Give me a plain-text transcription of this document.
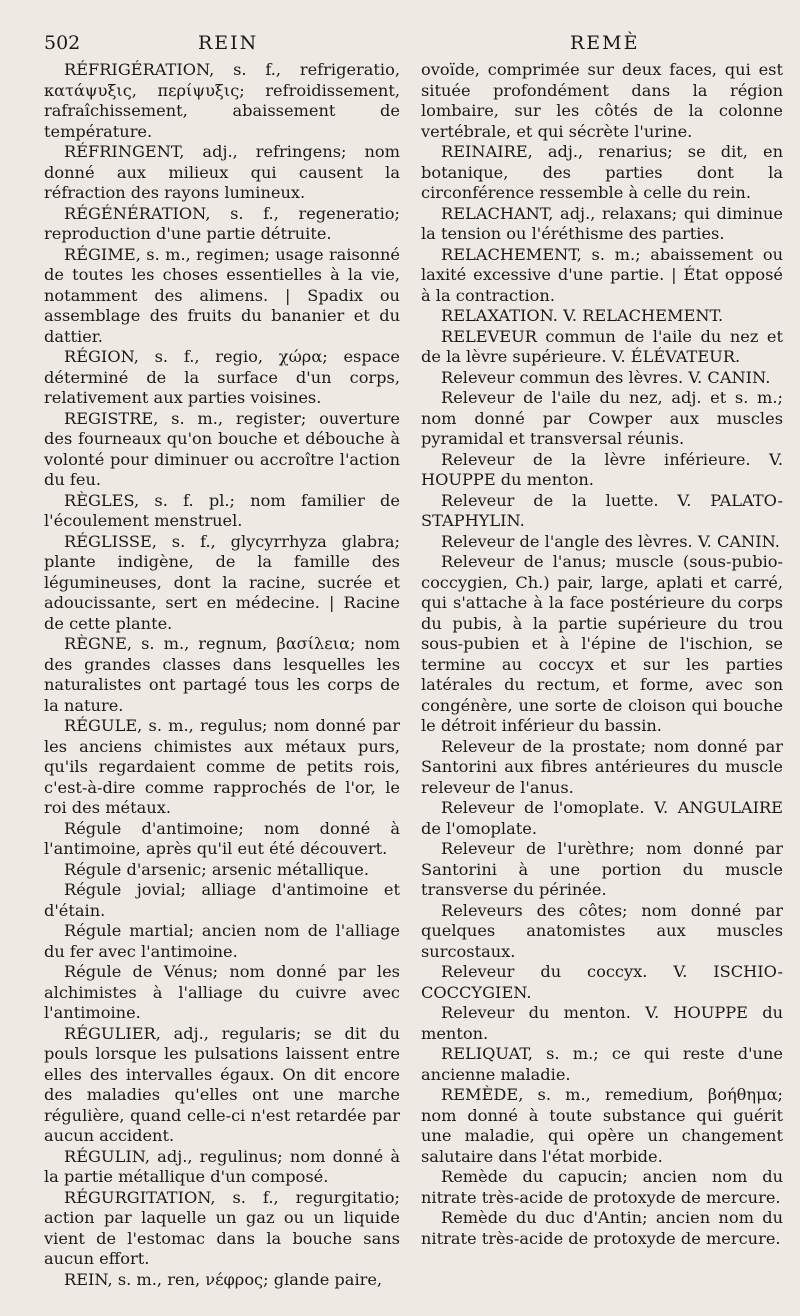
502	REIN	REMÈ

RÉFRIGÉRATION, s. f., refrigeratio, κατάψυξις, περίψυξις; refroidissement, rafraîchissement, abaissement de température.

RÉFRINGENT, adj., refringens; nom donné aux milieux qui causent la réfraction des rayons lumineux.

RÉGÉNÉRATION, s. f., regeneratio; reproduction d'une partie détruite.

RÉGIME, s. m., regimen; usage raisonné de toutes les choses essentielles à la vie, notamment des alimens. | Spadix ou assemblage des fruits du bananier et du dattier.

RÉGION, s. f., regio, χώρα; espace déterminé de la surface d'un corps, relativement aux parties voisines.

REGISTRE, s. m., register; ouverture des fourneaux qu'on bouche et débouche à volonté pour diminuer ou accroître l'action du feu.

RÈGLES, s. f. pl.; nom familier de l'écoulement menstruel.

RÉGLISSE, s. f., glycyrrhyza glabra; plante indigène, de la famille des légumineuses, dont la racine, sucrée et adoucissante, sert en médecine. | Racine de cette plante.

RÈGNE, s. m., regnum, βασίλεια; nom des grandes classes dans lesquelles les naturalistes ont partagé tous les corps de la nature.

RÉGULE, s. m., regulus; nom donné par les anciens chimistes aux métaux purs, qu'ils regardaient comme de petits rois, c'est-à-dire comme rapprochés de l'or, le roi des métaux.

Régule d'antimoine; nom donné à l'antimoine, après qu'il eut été découvert.

Régule d'arsenic; arsenic métallique.

Régule jovial; alliage d'antimoine et d'étain.

Régule martial; ancien nom de l'alliage du fer avec l'antimoine.

Régule de Vénus; nom donné par les alchimistes à l'alliage du cuivre avec l'antimoine.

RÉGULIER, adj., regularis; se dit du pouls lorsque les pulsations laissent entre elles des intervalles égaux. On dit encore des maladies qu'elles ont une marche régulière, quand celle-ci n'est retardée par aucun accident.

RÉGULIN, adj., regulinus; nom donné à la partie métallique d'un composé.

RÉGURGITATION, s. f., regurgitatio; action par laquelle un gaz ou un liquide vient de l'estomac dans la bouche sans aucun effort.

REIN, s. m., ren, νέφρος; glande paire,

ovoïde, comprimée sur deux faces, qui est située profondément dans la région lombaire, sur les côtés de la colonne vertébrale, et qui sécrète l'urine.

REINAIRE, adj., renarius; se dit, en botanique, des parties dont la circonférence ressemble à celle du rein.

RELACHANT, adj., relaxans; qui diminue la tension ou l'éréthisme des parties.

RELACHEMENT, s. m.; abaissement ou laxité excessive d'une partie. | État opposé à la contraction.

RELAXATION. V. RELACHEMENT.

RELEVEUR commun de l'aile du nez et de la lèvre supérieure. V. ÉLÉVATEUR.

Releveur commun des lèvres. V. CANIN.

Releveur de l'aile du nez, adj. et s. m.; nom donné par Cowper aux muscles pyramidal et transversal réunis.

Releveur de la lèvre inférieure. V. HOUPPE du menton.

Releveur de la luette. V. PALATO-STAPHYLIN.

Releveur de l'angle des lèvres. V. CANIN.

Releveur de l'anus; muscle (sous-pubio-coccygien, Ch.) pair, large, aplati et carré, qui s'attache à la face postérieure du corps du pubis, à la partie supérieure du trou sous-pubien et à l'épine de l'ischion, se termine au coccyx et sur les parties latérales du rectum, et forme, avec son congénère, une sorte de cloison qui bouche le détroit inférieur du bassin.

Releveur de la prostate; nom donné par Santorini aux fibres antérieures du muscle releveur de l'anus.

Releveur de l'omoplate. V. ANGULAIRE de l'omoplate.

Releveur de l'urèthre; nom donné par Santorini à une portion du muscle transverse du périnée.

Releveurs des côtes; nom donné par quelques anatomistes aux muscles surcostaux.

Releveur du coccyx. V. ISCHIO-COCCYGIEN.

Releveur du menton. V. HOUPPE du menton.

RELIQUAT, s. m.; ce qui reste d'une ancienne maladie.

REMÈDE, s. m., remedium, βοήθημα; nom donné à toute substance qui guérit une maladie, qui opère un changement salutaire dans l'état morbide.

Remède du capucin; ancien nom du nitrate très-acide de protoxyde de mercure.

Remède du duc d'Antin; ancien nom du nitrate très-acide de protoxyde de mercure.
